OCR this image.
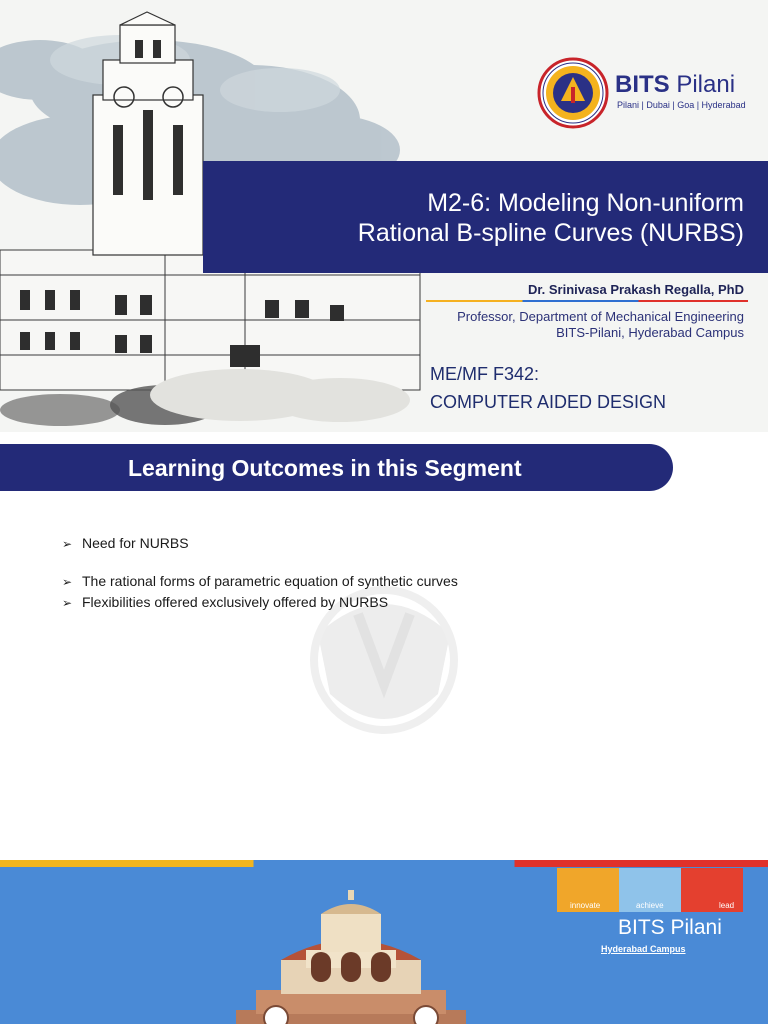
M2-6: Modeling Non-uniform
Rational B-spline Curves (NURBS)
BITS Pilani
Pilani | Dubai | Goa | Hyderabad
Dr. Srinivasa Prakash Regalla, PhD
Professor, Department of Mechanical Engineering
BITS-Pilani, Hyderabad Campus
ME/MF F342:
COMPUTER AIDED DESIGN
Learning Outcomes in this Segment
➢ Need for NURBS
➢ The rational forms of parametric equation of synthetic curves
➢ Flexibilities offered exclusively offered by NURBS
innovate	achieve	lead
BITS Pilani
Hyderabad Campus
